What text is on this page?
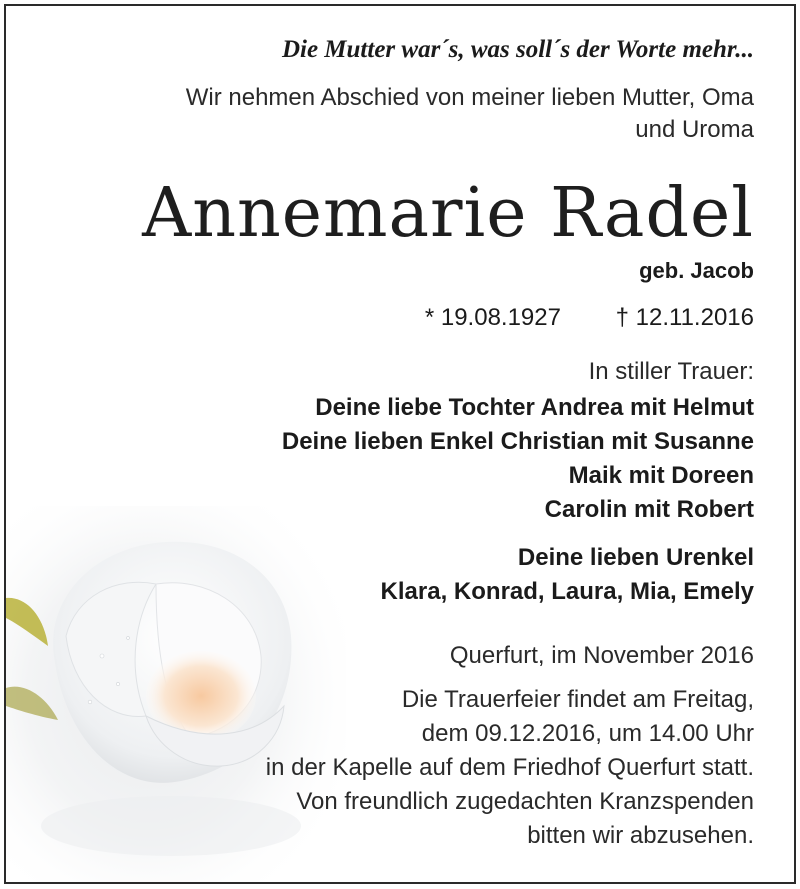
Die Mutter war´s, was soll´s der Worte mehr...
Wir nehmen Abschied von meiner lieben Mutter, Oma
und Uroma
Annemarie Radel
geb. Jacob
* 19.08.1927 † 12.11.2016
In stiller Trauer:
Deine liebe Tochter Andrea mit Helmut
Deine lieben Enkel Christian mit Susanne
Maik mit Doreen
Carolin mit Robert
Deine lieben Urenkel
Klara, Konrad, Laura, Mia, Emely
Querfurt, im November 2016
Die Trauerfeier findet am Freitag,
dem 09.12.2016, um 14.00 Uhr
in der Kapelle auf dem Friedhof Querfurt statt.
Von freundlich zugedachten Kranzspenden
bitten wir abzusehen.
